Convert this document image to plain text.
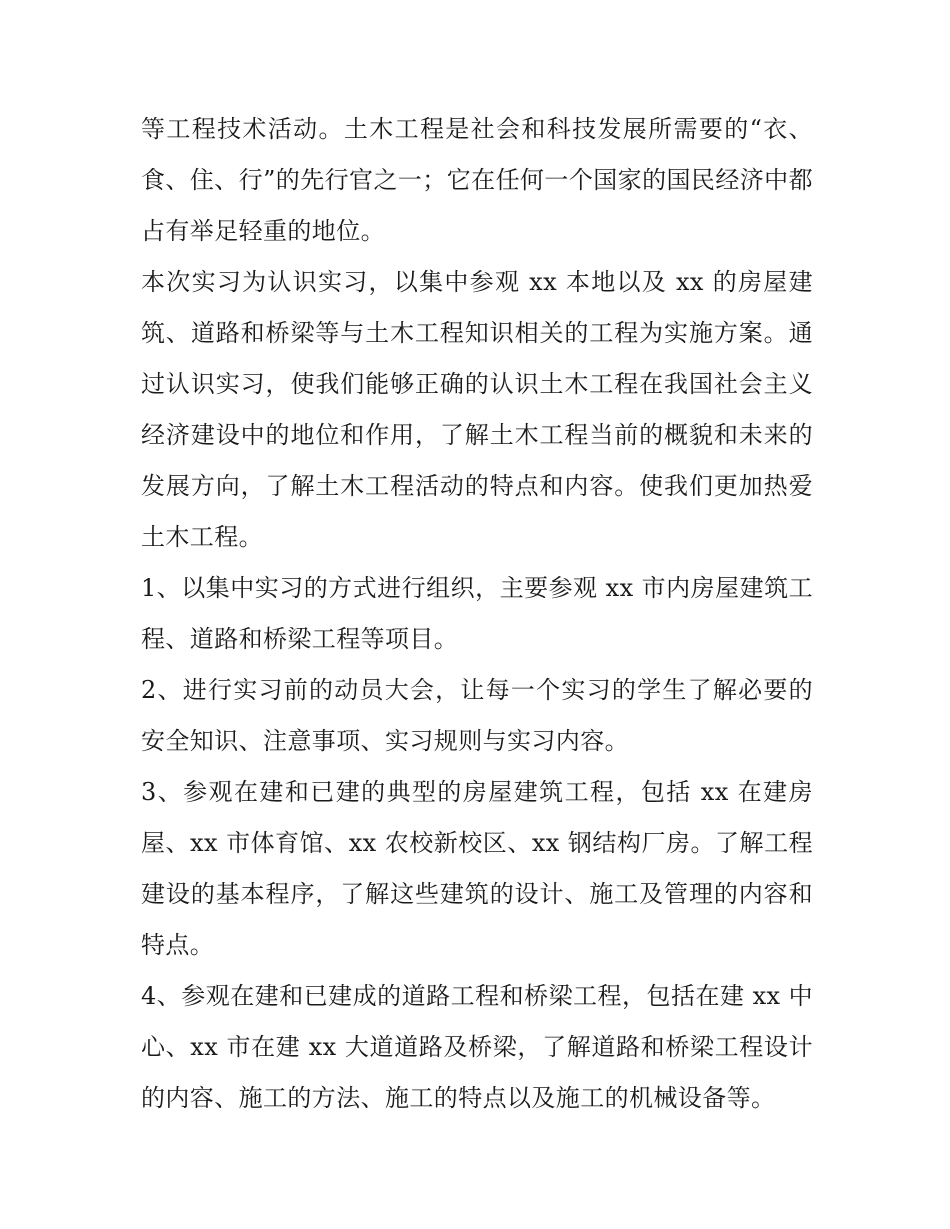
等工程技术活动。土木工程是社会和科技发展所需要的“衣、食、住、行”的先行官之一；它在任何一个国家的国民经济中都占有举足轻重的地位。

本次实习为认识实习，以集中参观 xx 本地以及 xx 的房屋建筑、道路和桥梁等与土木工程知识相关的工程为实施方案。通过认识实习，使我们能够正确的认识土木工程在我国社会主义经济建设中的地位和作用，了解土木工程当前的概貌和未来的发展方向，了解土木工程活动的特点和内容。使我们更加热爱土木工程。

1、以集中实习的方式进行组织，主要参观 xx 市内房屋建筑工程、道路和桥梁工程等项目。

2、进行实习前的动员大会，让每一个实习的学生了解必要的安全知识、注意事项、实习规则与实习内容。

3、参观在建和已建的典型的房屋建筑工程，包括 xx 在建房屋、xx 市体育馆、xx 农校新校区、xx 钢结构厂房。了解工程建设的基本程序，了解这些建筑的设计、施工及管理的内容和特点。

4、参观在建和已建成的道路工程和桥梁工程，包括在建 xx 中心、xx 市在建 xx 大道道路及桥梁，了解道路和桥梁工程设计的内容、施工的方法、施工的特点以及施工的机械设备等。
